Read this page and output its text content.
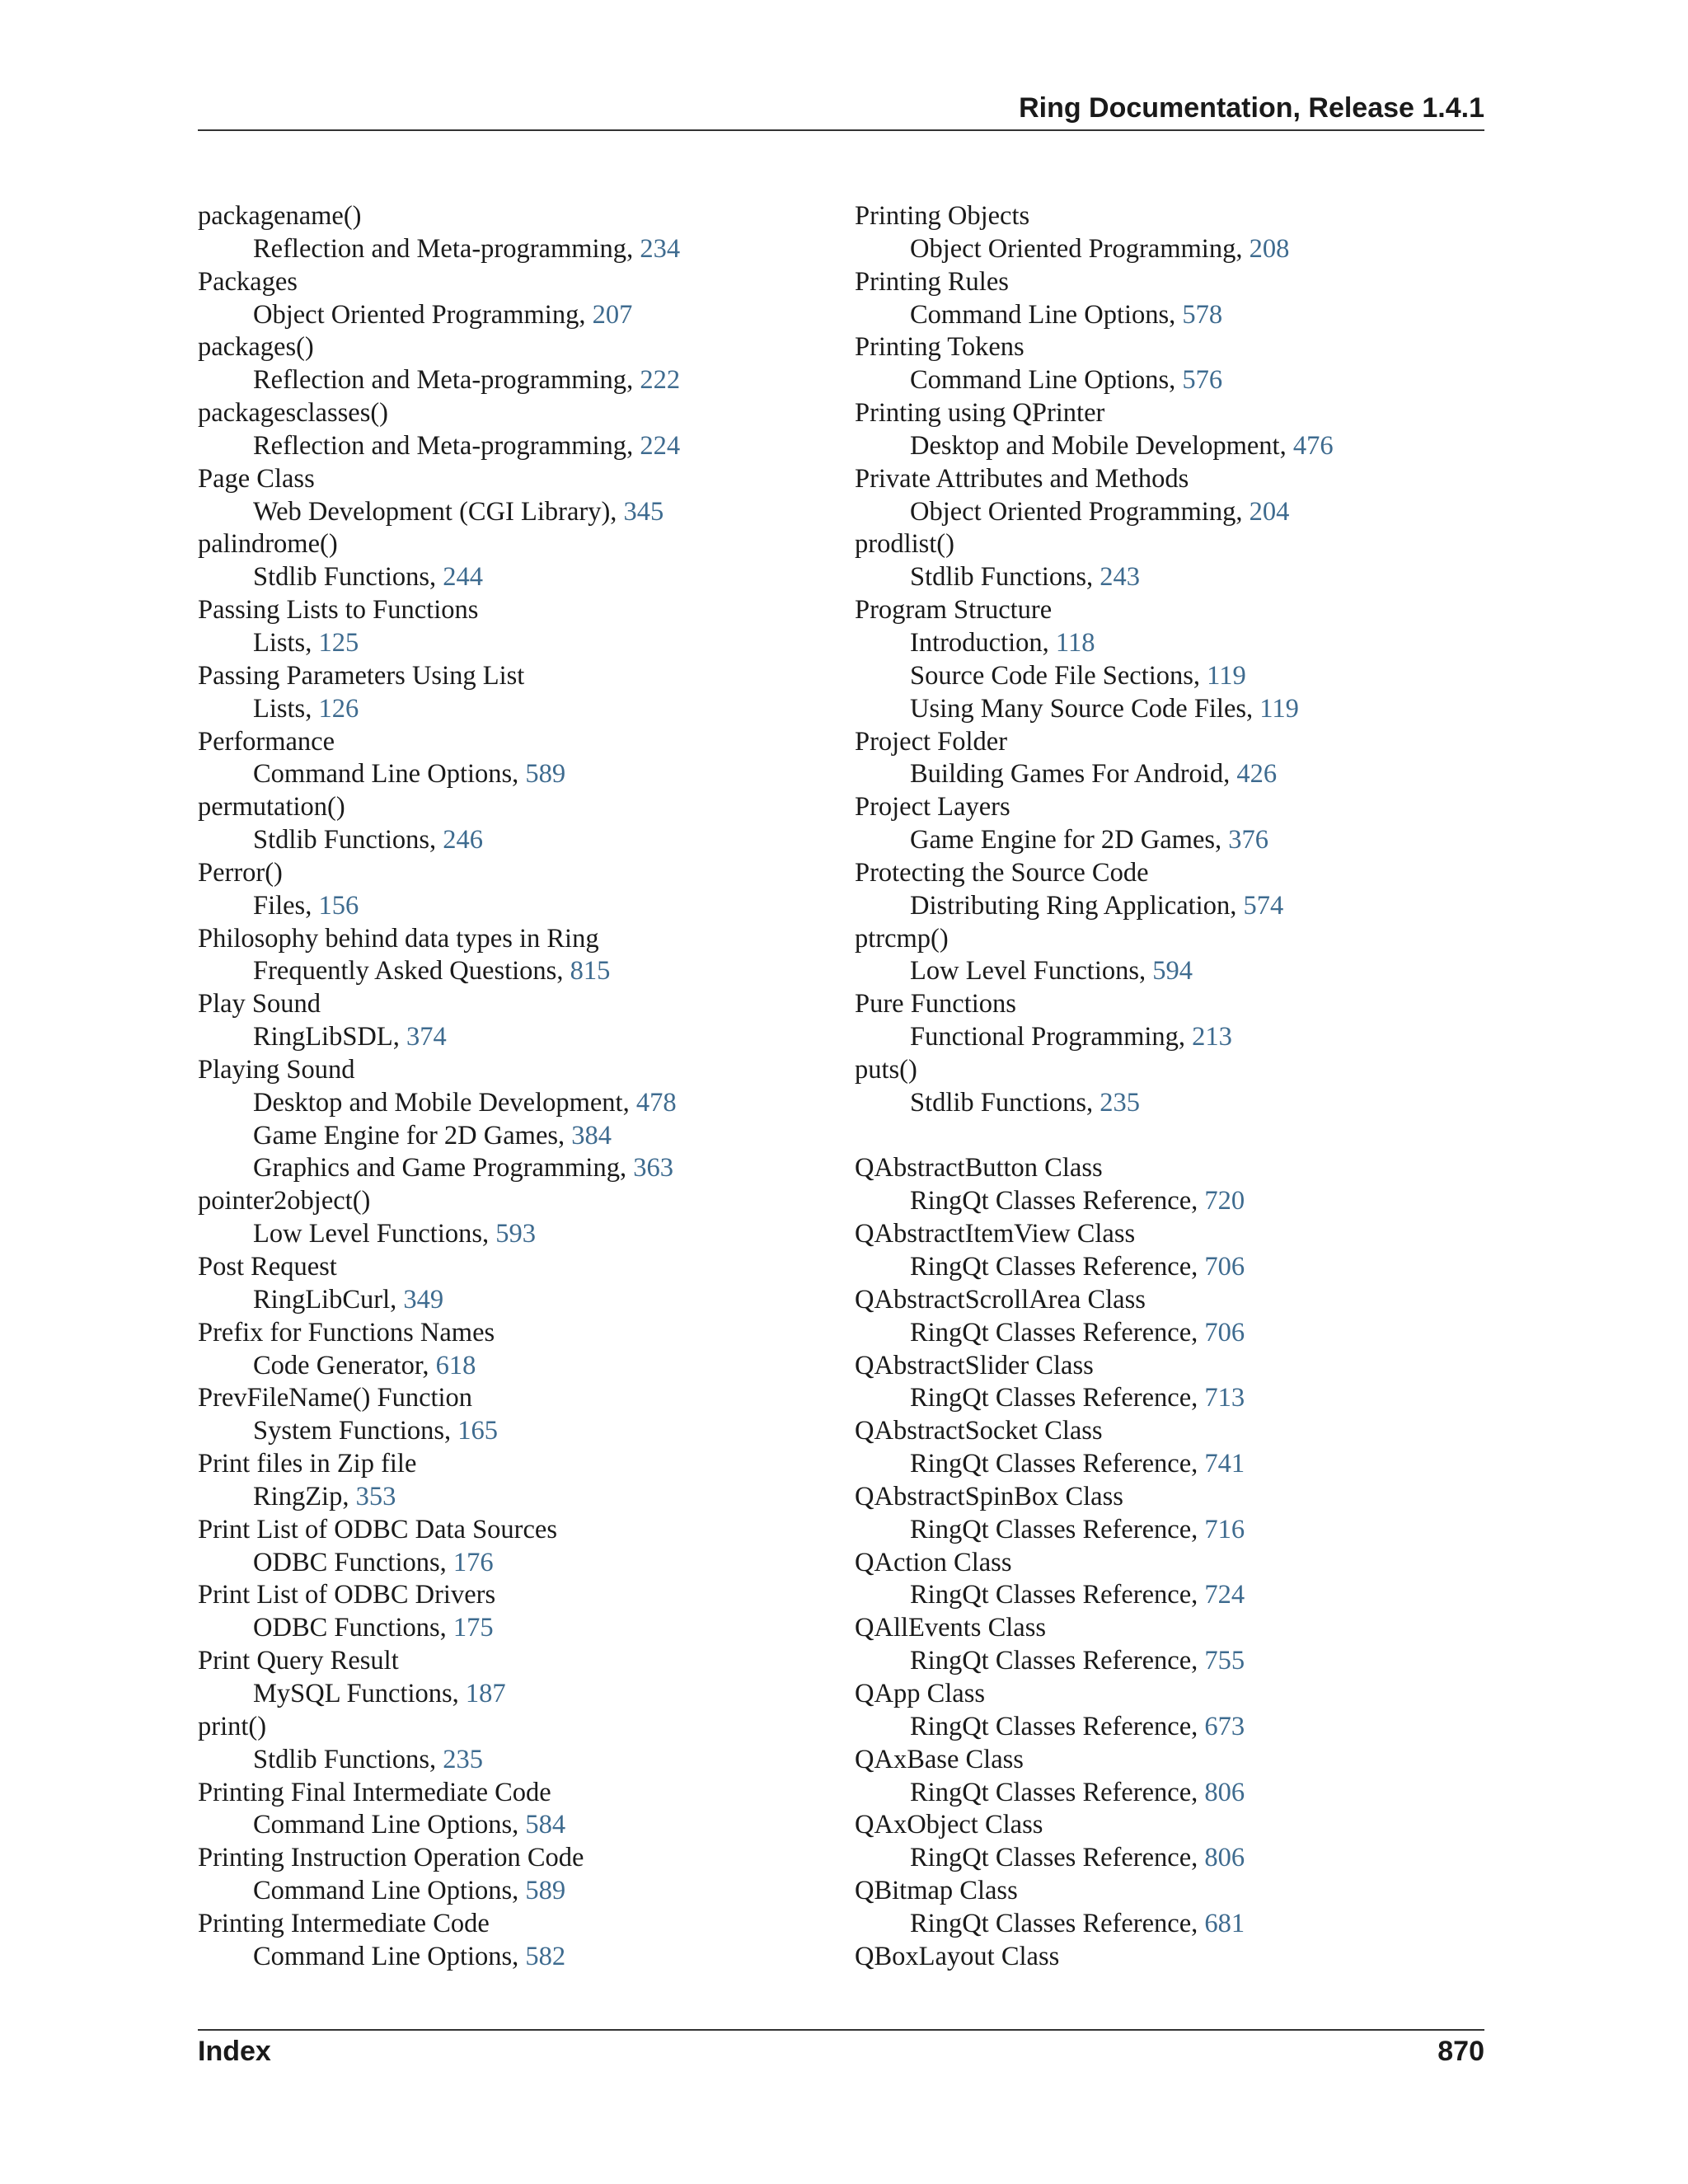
Ring Documentation, Release 1.4.1
packagename()
Reflection and Meta-programming, 234
Packages
Object Oriented Programming, 207
packages()
Reflection and Meta-programming, 222
packagesclasses()
Reflection and Meta-programming, 224
Page Class
Web Development (CGI Library), 345
palindrome()
Stdlib Functions, 244
Passing Lists to Functions
Lists, 125
Passing Parameters Using List
Lists, 126
Performance
Command Line Options, 589
permutation()
Stdlib Functions, 246
Perror()
Files, 156
Philosophy behind data types in Ring
Frequently Asked Questions, 815
Play Sound
RingLibSDL, 374
Playing Sound
Desktop and Mobile Development, 478
Game Engine for 2D Games, 384
Graphics and Game Programming, 363
pointer2object()
Low Level Functions, 593
Post Request
RingLibCurl, 349
Prefix for Functions Names
Code Generator, 618
PrevFileName() Function
System Functions, 165
Print files in Zip file
RingZip, 353
Print List of ODBC Data Sources
ODBC Functions, 176
Print List of ODBC Drivers
ODBC Functions, 175
Print Query Result
MySQL Functions, 187
print()
Stdlib Functions, 235
Printing Final Intermediate Code
Command Line Options, 584
Printing Instruction Operation Code
Command Line Options, 589
Printing Intermediate Code
Command Line Options, 582
Printing Objects
Object Oriented Programming, 208
Printing Rules
Command Line Options, 578
Printing Tokens
Command Line Options, 576
Printing using QPrinter
Desktop and Mobile Development, 476
Private Attributes and Methods
Object Oriented Programming, 204
prodlist()
Stdlib Functions, 243
Program Structure
Introduction, 118
Source Code File Sections, 119
Using Many Source Code Files, 119
Project Folder
Building Games For Android, 426
Project Layers
Game Engine for 2D Games, 376
Protecting the Source Code
Distributing Ring Application, 574
ptrcmp()
Low Level Functions, 594
Pure Functions
Functional Programming, 213
puts()
Stdlib Functions, 235
QAbstractButton Class
RingQt Classes Reference, 720
QAbstractItemView Class
RingQt Classes Reference, 706
QAbstractScrollArea Class
RingQt Classes Reference, 706
QAbstractSlider Class
RingQt Classes Reference, 713
QAbstractSocket Class
RingQt Classes Reference, 741
QAbstractSpinBox Class
RingQt Classes Reference, 716
QAction Class
RingQt Classes Reference, 724
QAllEvents Class
RingQt Classes Reference, 755
QApp Class
RingQt Classes Reference, 673
QAxBase Class
RingQt Classes Reference, 806
QAxObject Class
RingQt Classes Reference, 806
QBitmap Class
RingQt Classes Reference, 681
QBoxLayout Class
Index	870
